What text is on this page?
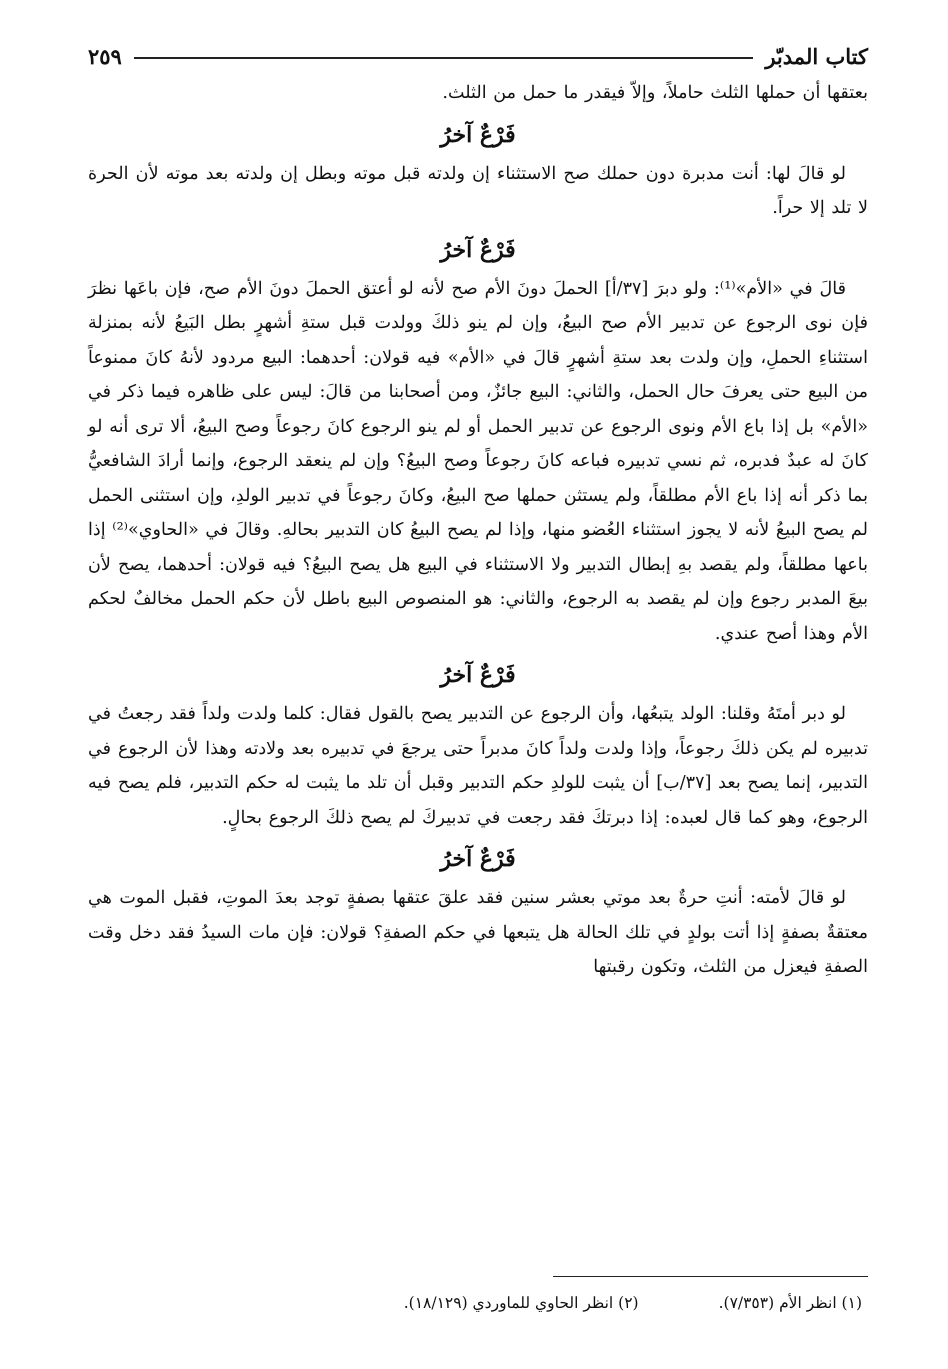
كتاب المدبّر
٢٥٩

بعتقها أن حملها الثلث حاملاً، وإلاّ فيقدر ما حمل من الثلث.

فَرْعٌ آخرُ

لو قالَ لها: أنت مدبرة دون حملك صح الاستثناء إن ولدته قبل موته وبطل إن ولدته بعد موته لأن الحرة لا تلد إلا حراً.

فَرْعٌ آخرُ

قالَ في «الأم»⁽¹⁾: ولو دبرَ [٣٧/أ] الحملَ دونَ الأم صح لأنه لو أعتق الحملَ دونَ الأم صح، فإن باعَها نظرَ فإن نوى الرجوع عن تدبير الأم صح البيعُ، وإن لم ينو ذلكَ وولدت قبل ستةِ أشهرٍ بطل البَيعُ لأنه بمنزلة استثناءِ الحملِ، وإن ولدت بعد ستةِ أشهرٍ قالَ في «الأم» فيه قولان: أحدهما: البيع مردود لأنهُ كانَ ممنوعاً من البيع حتى يعرفَ حال الحمل، والثاني: البيع جائزٌ، ومن أصحابنا من قالَ: ليس على ظاهره فيما ذكر في «الأم» بل إذا باع الأم ونوى الرجوع عن تدبير الحمل أو لم ينو الرجوع كانَ رجوعاً وصح البيعُ، ألا ترى أنه لو كانَ له عبدٌ فدبره، ثم نسي تدبيره فباعه كانَ رجوعاً وصح البيعُ؟ وإن لم ينعقد الرجوع، وإنما أرادَ الشافعيُّ بما ذكر أنه إذا باع الأم مطلقاً، ولم يستثن حملها صح البيعُ، وكانَ رجوعاً في تدبير الولدِ، وإن استثنى الحمل لم يصح البيعُ لأنه لا يجوز استثناء العُضو منها، وإذا لم يصح البيعُ كان التدبير بحالهِ. وقالَ في «الحاوي»⁽²⁾ إذا باعها مطلقاً، ولم يقصد بهِ إبطال التدبير ولا الاستثناء في البيع هل يصح البيعُ؟ فيه قولان: أحدهما، يصح لأن بيعَ المدبر رجوع وإن لم يقصد به الرجوع، والثاني: هو المنصوص البيع باطل لأن حكم الحمل مخالفٌ لحكم الأم وهذا أصح عندي.

فَرْعٌ آخرُ

لو دبر أمتَهُ وقلنا: الولد يتبعُها، وأن الرجوع عن التدبير يصح بالقول فقال: كلما ولدت ولداً فقد رجعتُ في تدبيره لم يكن ذلكَ رجوعاً، وإذا ولدت ولداً كانَ مدبراً حتى يرجعَ في تدبيره بعد ولادته وهذا لأن الرجوع في التدبير، إنما يصح بعد [٣٧/ب] أن يثبت للولدِ حكم التدبير وقبل أن تلد ما يثبت له حكم التدبير، فلم يصح فيه الرجوع، وهو كما قال لعبده: إذا دبرتكَ فقد رجعت في تدبيركَ لم يصح ذلكَ الرجوع بحالٍ.

فَرْعٌ آخرُ

لو قالَ لأمته: أنتِ حرةٌ بعد موتي بعشر سنين فقد علقَ عتقها بصفةٍ توجد بعدَ الموتِ، فقبل الموت هي معتقةٌ بصفةٍ إذا أتت بولدٍ في تلك الحالة هل يتبعها في حكم الصفةِ؟ قولان: فإن مات السيدُ فقد دخل وقت الصفةِ فيعزل من الثلث، وتكون رقبتها

(١) انظر الأم (٧/٣٥٣).
(٢) انظر الحاوي للماوردي (١٨/١٢٩).
